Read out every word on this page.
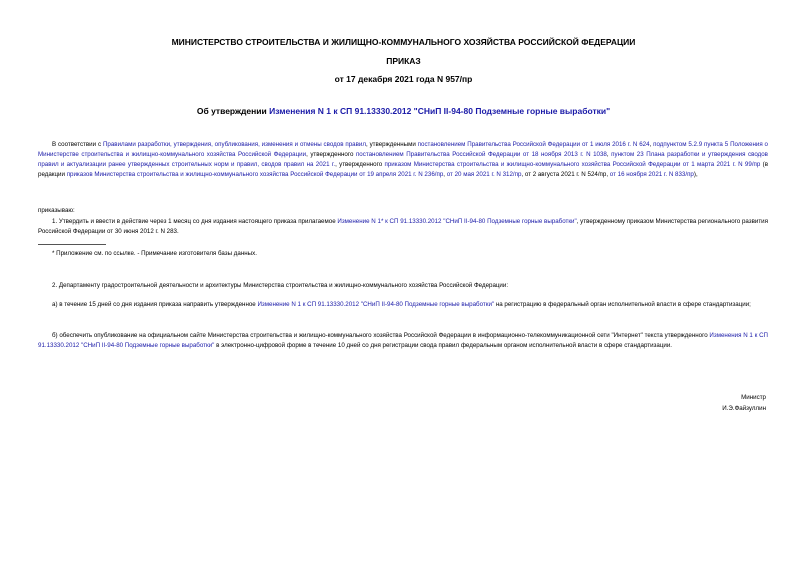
МИНИСТЕРСТВО СТРОИТЕЛЬСТВА И ЖИЛИЩНО-КОММУНАЛЬНОГО ХОЗЯЙСТВА РОССИЙСКОЙ ФЕДЕРАЦИИ
ПРИКАЗ
от 17 декабря 2021 года N 957/пр
Об утверждении Изменения N 1 к СП 91.13330.2012 "СНиП II-94-80 Подземные горные выработки"
В соответствии с Правилами разработки, утверждения, опубликования, изменения и отмены сводов правил, утвержденными постановлением Правительства Российской Федерации от 1 июля 2016 г. N 624, подпунктом 5.2.9 пункта 5 Положения о Министерстве строительства и жилищно-коммунального хозяйства Российской Федерации, утвержденного постановлением Правительства Российской Федерации от 18 ноября 2013 г. N 1038, пунктом 23 Плана разработки и утверждения сводов правил и актуализации ранее утвержденных строительных норм и правил, сводов правил на 2021 г., утвержденного приказом Министерства строительства и жилищно-коммунального хозяйства Российской Федерации от 1 марта 2021 г. N 99/пр (в редакции приказов Министерства строительства и жилищно-коммунального хозяйства Российской Федерации от 19 апреля 2021 г. N 236/пр, от 20 мая 2021 г. N 312/пр, от 2 августа 2021 г. N 524/пр, от 16 ноября 2021 г. N 833/пр),
приказываю:
1. Утвердить и ввести в действие через 1 месяц со дня издания настоящего приказа прилагаемое Изменение N 1* к СП 91.13330.2012 "СНиП II-94-80 Подземные горные выработки", утвержденному приказом Министерства регионального развития Российской Федерации от 30 июня 2012 г. N 283.
* Приложение см. по ссылке. - Примечание изготовителя базы данных.
2. Департаменту градостроительной деятельности и архитектуры Министерства строительства и жилищно-коммунального хозяйства Российской Федерации:
а) в течение 15 дней со дня издания приказа направить утвержденное Изменение N 1 к СП 91.13330.2012 "СНиП II-94-80 Подземные горные выработки" на регистрацию в федеральный орган исполнительной власти в сфере стандартизации;
б) обеспечить опубликование на официальном сайте Министерства строительства и жилищно-коммунального хозяйства Российской Федерации в информационно-телекоммуникационной сети "Интернет" текста утвержденного Изменения N 1 к СП 91.13330.2012 "СНиП II-94-80 Подземные горные выработки" в электронно-цифровой форме в течение 10 дней со дня регистрации свода правил федеральным органом исполнительной власти в сфере стандартизации.
Министр
И.Э.Файзуллин
